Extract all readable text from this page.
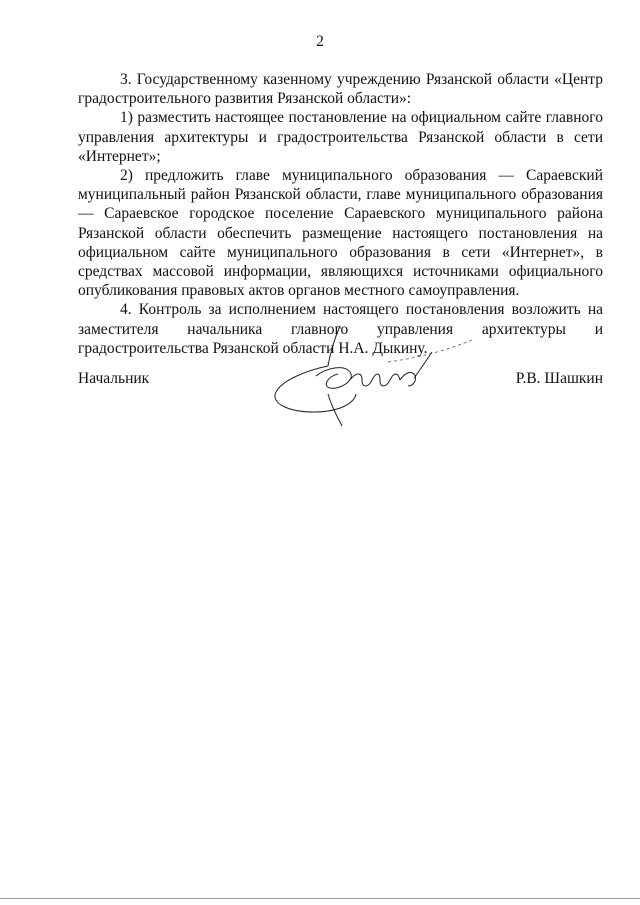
2

3. Государственному казенному учреждению Рязанской области «Центр градостроительного развития Рязанской области»:

1) разместить настоящее постановление на официальном сайте главного управления архитектуры и градостроительства Рязанской области в сети «Интернет»;

2) предложить главе муниципального образования — Сараевский муниципальный район Рязанской области, главе муниципального образования — Сараевское городское поселение Сараевского муниципального района Рязанской области обеспечить размещение настоящего постановления на официальном сайте муниципального образования в сети «Интернет», в средствах массовой информации, являющихся источниками официального опубликования правовых актов органов местного самоуправления.

4. Контроль за исполнением настоящего постановления возложить на заместителя начальника главного управления архитектуры и градостроительства Рязанской области Н.А. Дыкину.

Начальник	Р.В. Шашкин
